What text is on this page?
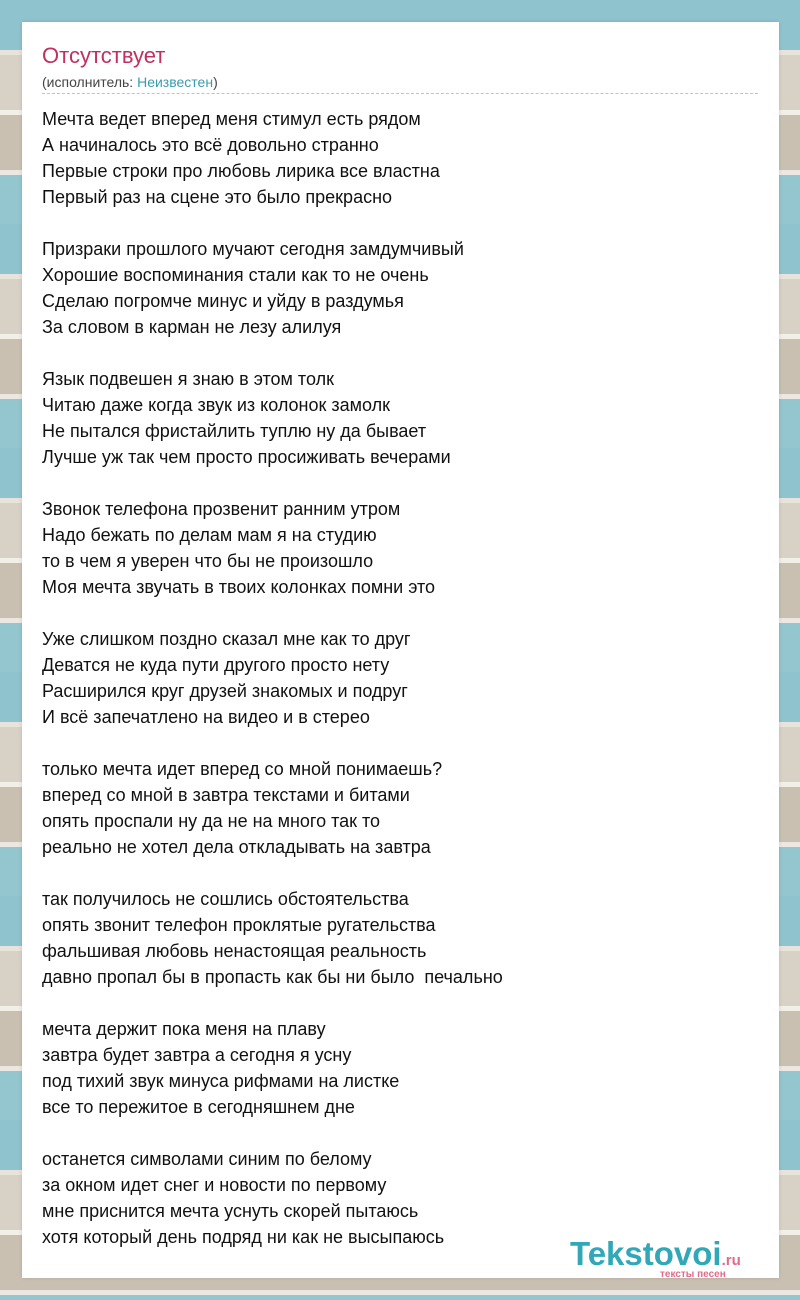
Отсутствует
(исполнитель: Неизвестен)
Мечта ведет вперед меня стимул есть рядом
А начиналось это всё довольно странно
Первые строки про любовь лирика все властна
Первый раз на сцене это было прекрасно
Призраки прошлого мучают сегодня замдумчивый
Хорошие воспоминания стали как то не очень
Сделаю погромче минус и уйду в раздумья
За словом в карман не лезу алилуя
Язык подвешен я знаю в этом толк
Читаю даже когда звук из колонок замолк
Не пытался фристайлить туплю ну да бывает
Лучше уж так чем просто просиживать вечерами
Звонок телефона прозвенит ранним утром
Надо бежать по делам мам я на студию
то в чем я уверен что бы не произошло
Моя мечта звучать в твоих колонках помни это
Уже слишком поздно сказал мне как то друг
Деватся не куда пути другого просто нету
Расширился круг друзей знакомых и подруг
И всё запечатлено на видео и в стерео
только мечта идет вперед со мной понимаешь?
вперед со мной в завтра текстами и битами
опять проспали ну да не на много так то
реально не хотел дела откладывать на завтра
так получилось не сошлись обстоятельства
опять звонит телефон проклятые ругательства
фальшивая любовь ненастоящая реальность
давно пропал бы в пропасть как бы ни было  печально
мечта держит пока меня на плаву
завтра будет завтра а сегодня я усну
под тихий звук минуса рифмами на листке
все то пережитое в сегодняшнем дне
останется символами синим по белому
за окном идет снег и новости по первому
мне приснится мечта уснуть скорей пытаюсь
хотя который день подряд ни как не высыпаюсь	Tekstovoi.ru
тексты песен
